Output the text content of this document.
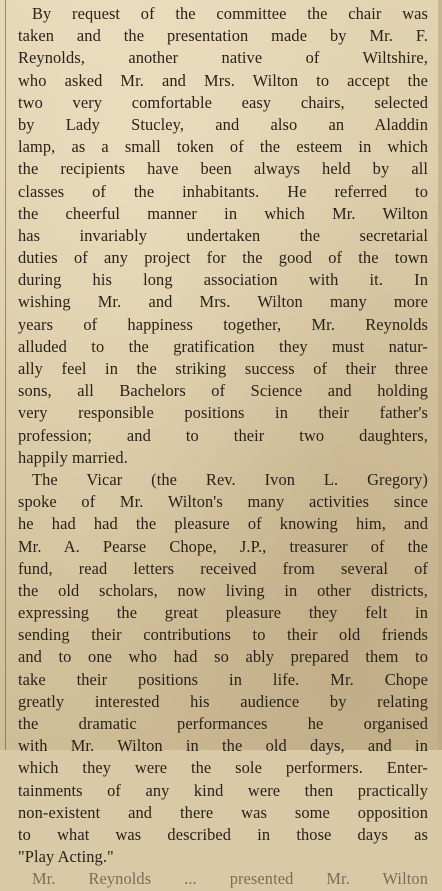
By request of the committee the chair was
taken and the presentation made by Mr. F.
Reynolds, another native of Wiltshire,
who asked Mr. and Mrs. Wilton to accept the
two very comfortable easy chairs, selected
by Lady Stucley, and also an Aladdin
lamp, as a small token of the esteem in which
the recipients have been always held by all
classes of the inhabitants. He referred to
the cheerful manner in which Mr. Wilton
has invariably undertaken the secretarial
duties of any project for the good of the town
during his long association with it. In
wishing Mr. and Mrs. Wilton many more
years of happiness together, Mr. Reynolds
alluded to the gratification they must natur-
ally feel in the striking success of their three
sons, all Bachelors of Science and holding
very responsible positions in their father's
profession; and to their two daughters,
happily married.
The Vicar (the Rev. Ivon L. Gregory)
spoke of Mr. Wilton's many activities since
he had had the pleasure of knowing him, and
Mr. A. Pearse Chope, J.P., treasurer of the
fund, read letters received from several of
the old scholars, now living in other districts,
expressing the great pleasure they felt in
sending their contributions to their old friends
and to one who had so ably prepared them to
take their positions in life. Mr. Chope
greatly interested his audience by relating
the dramatic performances he organised
with Mr. Wilton in the old days, and in
which they were the sole performers. Enter-
tainments of any kind were then practically
non-existent and there was some opposition
to what was described in those days as
"Play Acting."
Mr. Reynolds ... presented Mr. Wilton
